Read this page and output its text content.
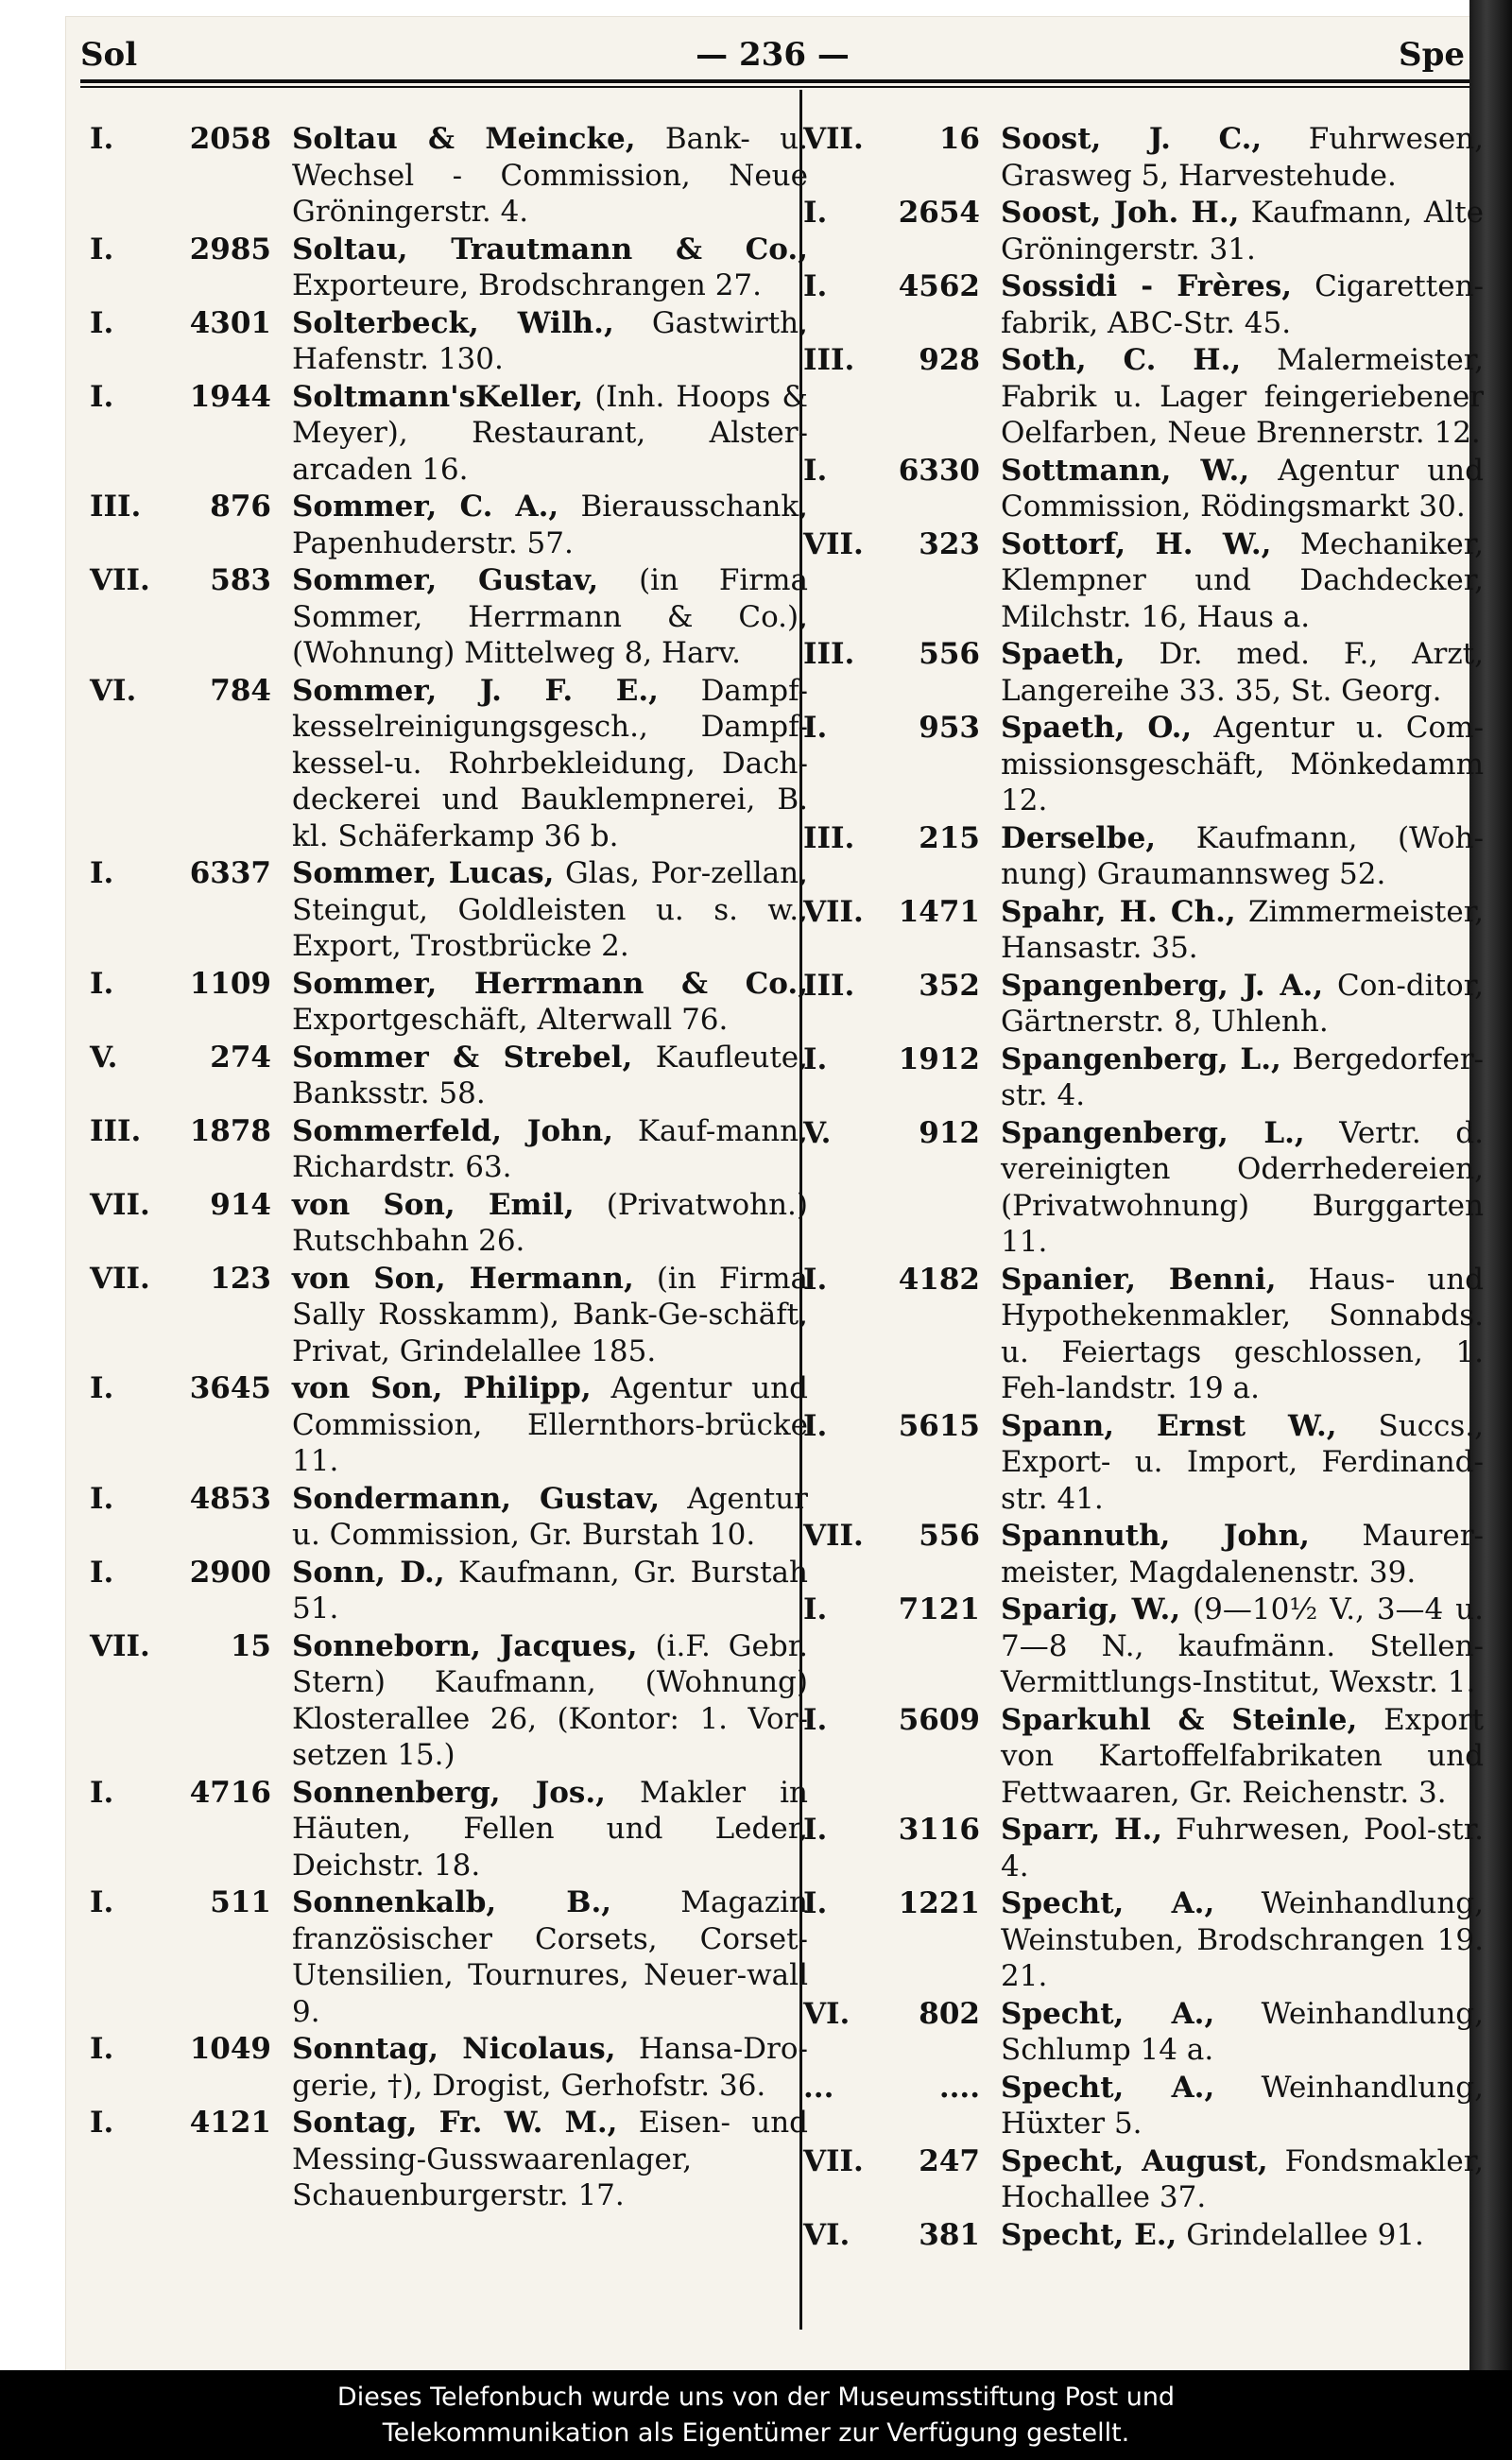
Sol	— 236 —	Spe
I.	2058 Soltau & Meincke, Bank- u. Wechsel - Commission, Neue Gröningerstr. 4.
I.	2985 Soltau, Trautmann & Co., Exporteure, Brodschrangen 27.
I.	4301 Solterbeck, Wilh., Gastwirth, Hafenstr. 130.
I.	1944 Soltmann'sKeller, (Inh. Hoops & Meyer), Restaurant, Alster-arcaden 16.
III. 876 Sommer, C. A., Bierausschank, Papenhuderstr. 57.
VII. 583 Sommer, Gustav, (in Firma Sommer, Herrmann & Co.), (Wohnung) Mittelweg 8, Harv.
VI.	784 Sommer, J. F. E., Dampf-kesselreinigungsgesch., Dampf-kessel-u. Rohrbekleidung, Dach-deckerei und Bauklempnerei, B. kl. Schäferkamp 36 b.
I.	6337 Sommer, Lucas, Glas, Por-zellan, Steingut, Goldleisten u. s. w., Export, Trostbrücke 2.
I.	1109 Sommer, Herrmann & Co., Exportgeschäft, Alterwall 76.
V.	274 Sommer & Strebel, Kaufleute, Banksstr. 58.
III. 1878 Sommerfeld, John, Kauf-mann, Richardstr. 63.
VII. 914 von Son, Emil, (Privatwohn.) Rutschbahn 26.
VII. 123 von Son, Hermann, (in Firma Sally Rosskamm), Bank-Ge-schäft, Privat, Grindelallee 185.
I.	3645 von Son, Philipp, Agentur und Commission, Ellernthors-brücke 11.
I.	4853 Sondermann, Gustav, Agentur u. Commission, Gr. Burstah 10.
I.	2900 Sonn, D., Kaufmann, Gr. Burstah 51.
VII.	15 Sonneborn, Jacques, (i.F. Gebr. Stern) Kaufmann, (Wohnung) Klosterallee 26, (Kontor: 1. Vor-setzen 15.)
I.	4716 Sonnenberg, Jos., Makler in Häuten, Fellen und Leder, Deichstr. 18.
I.	511 Sonnenkalb, B., Magazin französischer Corsets, Corset-Utensilien, Tournures, Neuer-wall 9.
I.	1049 Sonntag, Nicolaus, Hansa-Dro-gerie, †), Drogist, Gerhofstr. 36.
I.	4121 Sontag, Fr. W. M., Eisen- und Messing-Gusswaarenlager, Schauenburgerstr. 17.
VII.	16 Soost, J. C., Fuhrwesen, Grasweg 5, Harvestehude.
I. 2654 Soost, Joh. H., Kaufmann, Alte Gröningerstr. 31.
I. 4562 Sossidi - Frères, Cigaretten-fabrik, ABC-Str. 45.
III. 928 Soth, C. H., Malermeister, Fabrik u. Lager feingeriebener Oelfarben, Neue Brennerstr. 12.
I. 6330 Sottmann, W., Agentur und Commission, Rödingsmarkt 30.
VII. 323 Sottorf, H. W., Mechaniker, Klempner und Dachdecker, Milchstr. 16, Haus a.
III. 556 Spaeth, Dr. med. F., Arzt, Langereihe 33. 35, St. Georg.
I.	953 Spaeth, O., Agentur u. Com-missionsgeschäft, Mönkedamm 12.
III. 215 Derselbe, Kaufmann, (Woh-nung) Graumannsweg 52.
VII. 1471 Spahr, H. Ch., Zimmermeister, Hansastr. 35.
III. 352 Spangenberg, J. A., Con-ditor, Gärtnerstr. 8, Uhlenh.
I. 1912 Spangenberg, L., Bergedorfer-str. 4.
V.	912 Spangenberg, L., Vertr. d. vereinigten Oderrhedereien, (Privatwohnung) Burggarten 11.
I. 4182 Spanier, Benni, Haus- und Hypothekenmakler, Sonnabds. u. Feiertags geschlossen, 1. Feh-landstr. 19 a.
I. 5615 Spann, Ernst W., Succs., Export- u. Import, Ferdinand-str. 41.
VII. 556 Spannuth, John, Maurer-meister, Magdalenenstr. 39.
I. 7121 Sparig, W., (9—10½ V., 3—4 u. 7—8 N., kaufmänn. Stellen-Vermittlungs-Institut, Wexstr. 1.
I. 5609 Sparkuhl & Steinle, Export von Kartoffelfabrikaten und Fettwaaren, Gr. Reichenstr. 3.
I. 3116 Sparr, H., Fuhrwesen, Pool-str. 4.
I. 1221 Specht, A., Weinhandlung, Weinstuben, Brodschrangen 19. 21.
VI. 802 Specht, A., Weinhandlung, Schlump 14 a.
...	.... Specht, A., Weinhandlung, Hüxter 5.
VII. 247 Specht, August, Fondsmakler, Hochallee 37.
VI. 381 Specht, E., Grindelallee 91.
Dieses Telefonbuch wurde uns von der Museumsstiftung Post und
Telekommunikation als Eigentümer zur Verfügung gestellt.
